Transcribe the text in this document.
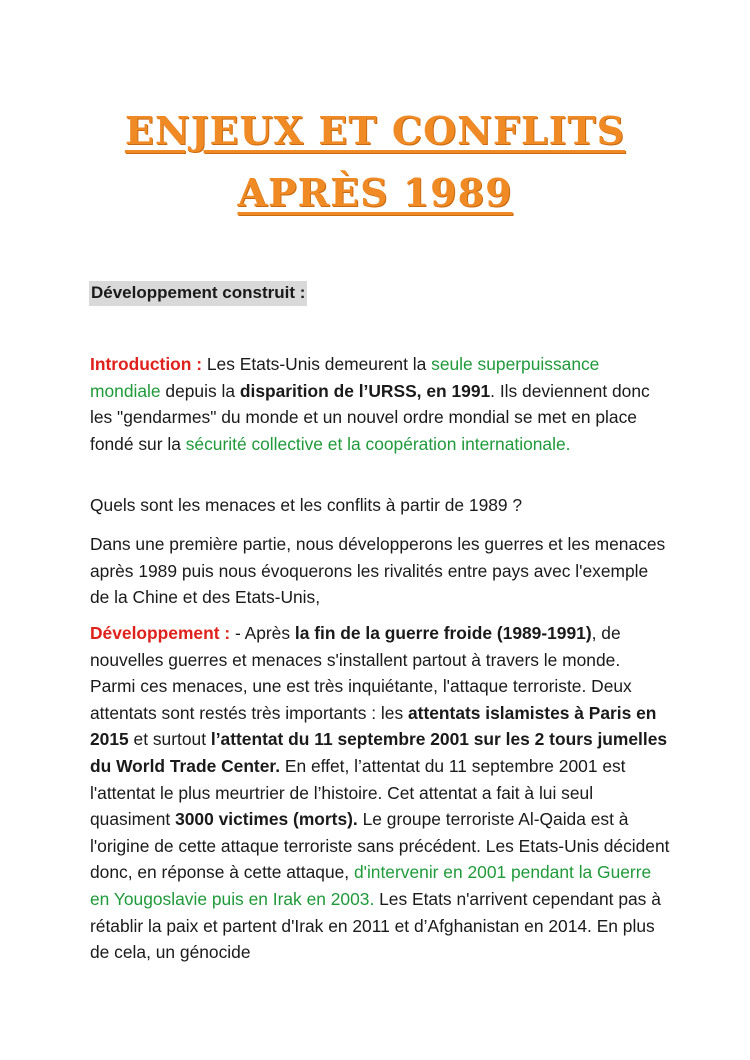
ENJEUX ET CONFLITS
APRÈS 1989
Développement construit :

Introduction : Les Etats-Unis demeurent la seule superpuissance mondiale depuis la disparition de l’URSS, en 1991. Ils deviennent donc les "gendarmes" du monde et un nouvel ordre mondial se met en place fondé sur la sécurité collective et la coopération internationale.

Quels sont les menaces et les conflits à partir de 1989 ?

Dans une première partie, nous développerons les guerres et les menaces après 1989 puis nous évoquerons les rivalités entre pays avec l'exemple de la Chine et des Etats-Unis,

Développement : - Après la fin de la guerre froide (1989-1991), de nouvelles guerres et menaces s'installent partout à travers le monde. Parmi ces menaces, une est très inquiétante, l'attaque terroriste. Deux attentats sont restés très importants : les attentats islamistes à Paris en 2015 et surtout l’attentat du 11 septembre 2001 sur les 2 tours jumelles du World Trade Center. En effet, l’attentat du 11 septembre 2001 est l'attentat le plus meurtrier de l’histoire. Cet attentat a fait à lui seul quasiment 3000 victimes (morts). Le groupe terroriste Al-Qaida est à l'origine de cette attaque terroriste sans précédent. Les Etats-Unis décident donc, en réponse à cette attaque, d'intervenir en 2001 pendant la Guerre en Yougoslavie puis en Irak en 2003. Les Etats n'arrivent cependant pas à rétablir la paix et partent d'Irak en 2011 et d’Afghanistan en 2014. En plus de cela, un génocide
